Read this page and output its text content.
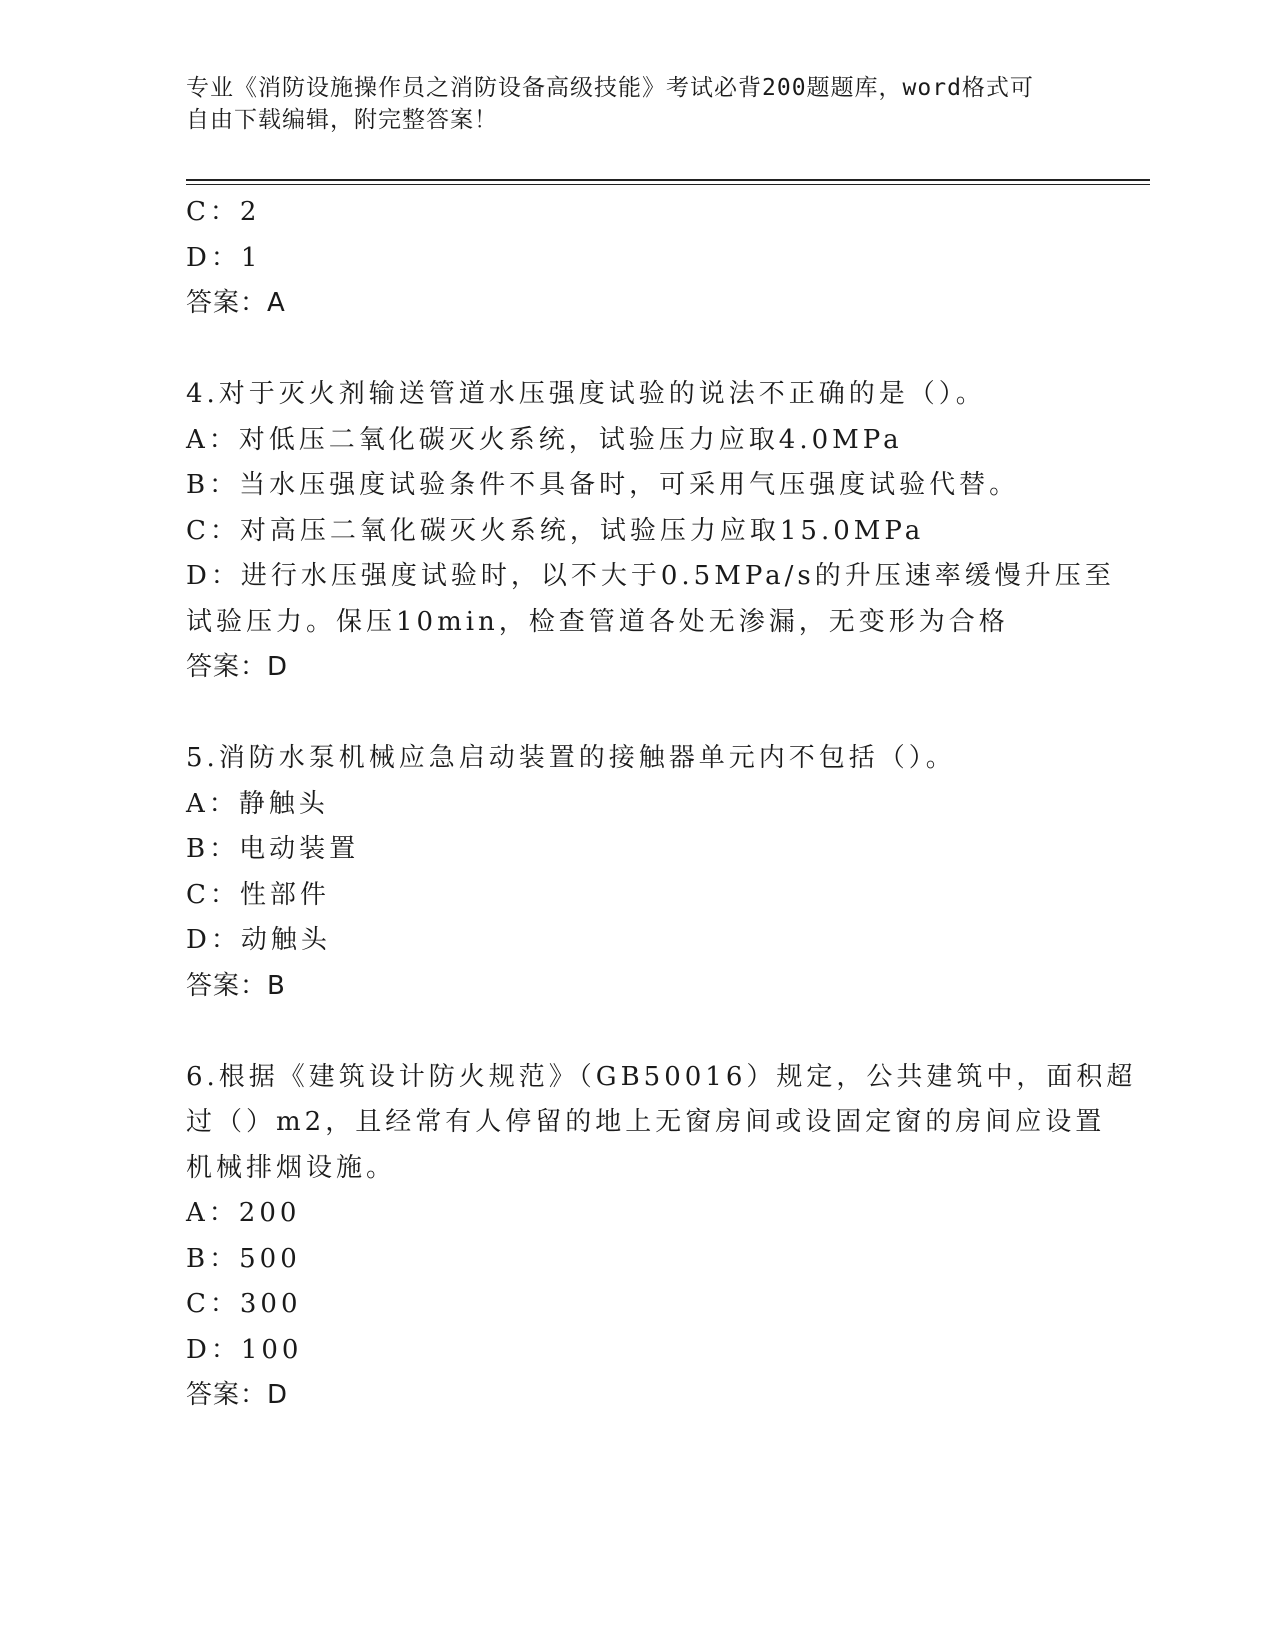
专业《消防设施操作员之消防设备高级技能》考试必背200题题库，word格式可
自由下载编辑，附完整答案！
C：2
D：1
答案：A
4.对于灭火剂输送管道水压强度试验的说法不正确的是（）。
A：对低压二氧化碳灭火系统，试验压力应取4.0MPa
B：当水压强度试验条件不具备时，可采用气压强度试验代替。
C：对高压二氧化碳灭火系统，试验压力应取15.0MPa
D：进行水压强度试验时，以不大于0.5MPa/s的升压速率缓慢升压至
试验压力。保压10min，检查管道各处无渗漏，无变形为合格
答案：D
5.消防水泵机械应急启动装置的接触器单元内不包括（）。
A：静触头
B：电动装置
C：性部件
D：动触头
答案：B
6.根据《建筑设计防火规范》（GB50016）规定，公共建筑中，面积超
过（）m2，且经常有人停留的地上无窗房间或设固定窗的房间应设置
机械排烟设施。
A：200
B：500
C：300
D：100
答案：D
